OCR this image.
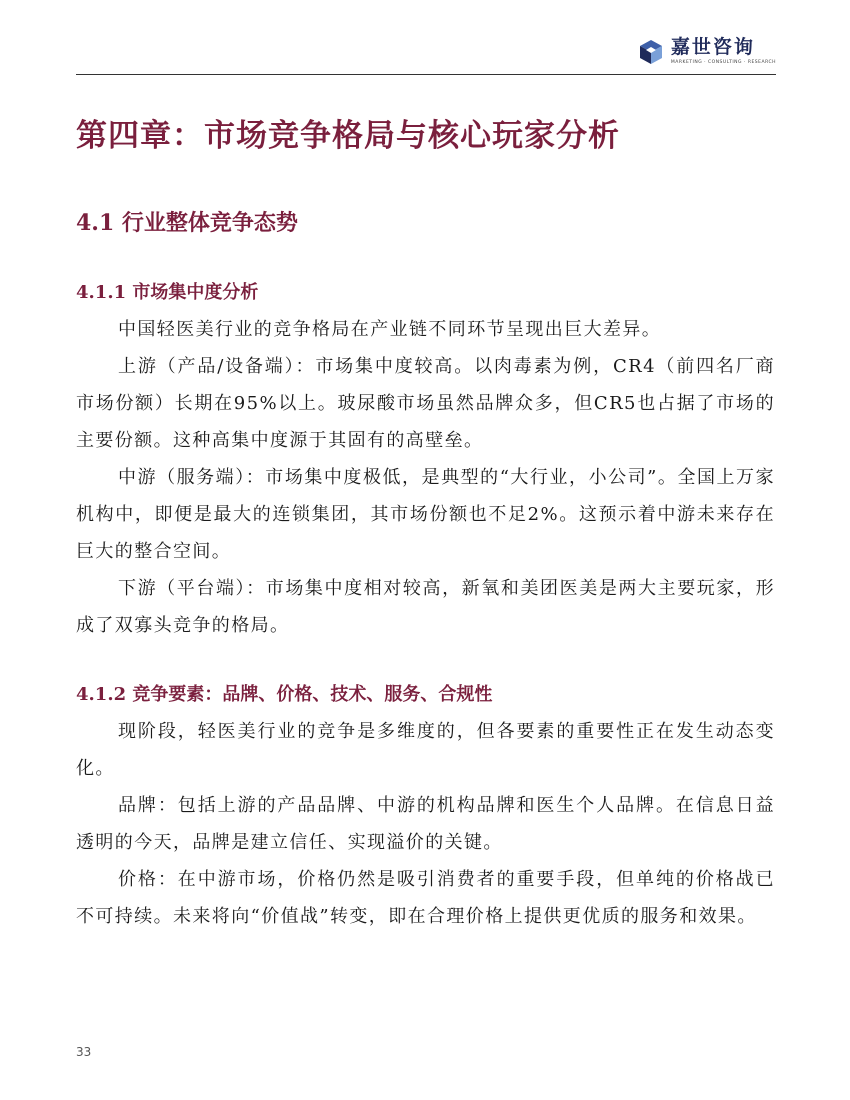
嘉世咨询
MARKETING · CONSULTING · RESEARCH
第四章：市场竞争格局与核心玩家分析
4.1 行业整体竞争态势
4.1.1 市场集中度分析

中国轻医美行业的竞争格局在产业链不同环节呈现出巨大差异。

上游（产品/设备端）：市场集中度较高。以肉毒素为例，CR4（前四名厂商市场份额）长期在95%以上。玻尿酸市场虽然品牌众多，但CR5也占据了市场的主要份额。这种高集中度源于其固有的高壁垒。

中游（服务端）：市场集中度极低，是典型的“大行业，小公司”。全国上万家机构中，即便是最大的连锁集团，其市场份额也不足2%。这预示着中游未来存在巨大的整合空间。

下游（平台端）：市场集中度相对较高，新氧和美团医美是两大主要玩家，形成了双寡头竞争的格局。

4.1.2 竞争要素：品牌、价格、技术、服务、合规性

现阶段，轻医美行业的竞争是多维度的，但各要素的重要性正在发生动态变化。

品牌：包括上游的产品品牌、中游的机构品牌和医生个人品牌。在信息日益透明的今天，品牌是建立信任、实现溢价的关键。

价格：在中游市场，价格仍然是吸引消费者的重要手段，但单纯的价格战已不可持续。未来将向“价值战”转变，即在合理价格上提供更优质的服务和效果。

33
